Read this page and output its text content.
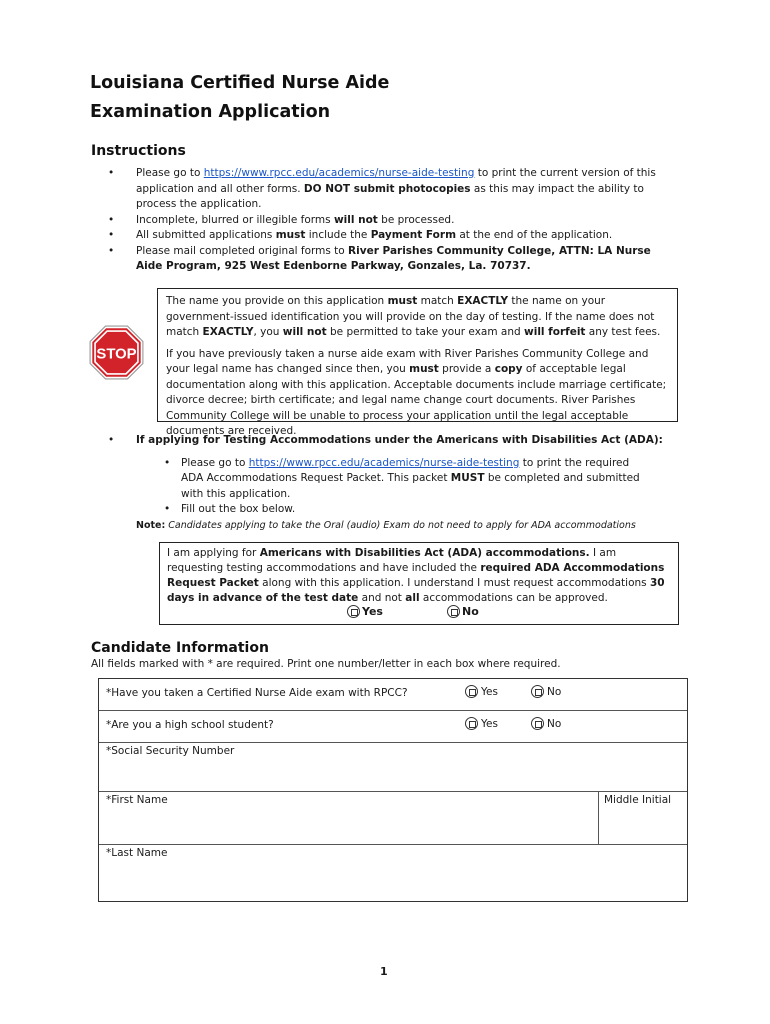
Louisiana Certified Nurse Aide
Examination Application
Instructions
• Please go to https://www.rpcc.edu/academics/nurse-aide-testing to print the current version of this application and all other forms. DO NOT submit photocopies as this may impact the ability to process the application.
• Incomplete, blurred or illegible forms will not be processed.
• All submitted applications must include the Payment Form at the end of the application.
• Please mail completed original forms to River Parishes Community College, ATTN: LA Nurse Aide Program, 925 West Edenborne Parkway, Gonzales, La. 70737.
STOP

The name you provide on this application must match EXACTLY the name on your government-issued identification you will provide on the day of testing. If the name does not match EXACTLY, you will not be permitted to take your exam and will forfeit any test fees.

If you have previously taken a nurse aide exam with River Parishes Community College and your legal name has changed since then, you must provide a copy of acceptable legal documentation along with this application. Acceptable documents include marriage certificate; divorce decree; birth certificate; and legal name change court documents. River Parishes Community College will be unable to process your application until the legal acceptable documents are received.

• If applying for Testing Accommodations under the Americans with Disabilities Act (ADA):
• Please go to https://www.rpcc.edu/academics/nurse-aide-testing to print the required ADA Accommodations Request Packet. This packet MUST be completed and submitted with this application.
• Fill out the box below.
Note: Candidates applying to take the Oral (audio) Exam do not need to apply for ADA accommodations
I am applying for Americans with Disabilities Act (ADA) accommodations. I am requesting testing accommodations and have included the required ADA Accommodations Request Packet along with this application. I understand I must request accommodations 30 days in advance of the test date and not all accommodations can be approved.
Yes	No
Candidate Information
All fields marked with * are required. Print one number/letter in each box where required.
*Have you taken a Certified Nurse Aide exam with RPCC?	Yes	No
*Are you a high school student?	Yes	No
*Social Security Number
*First Name	Middle Initial
*Last Name
1
